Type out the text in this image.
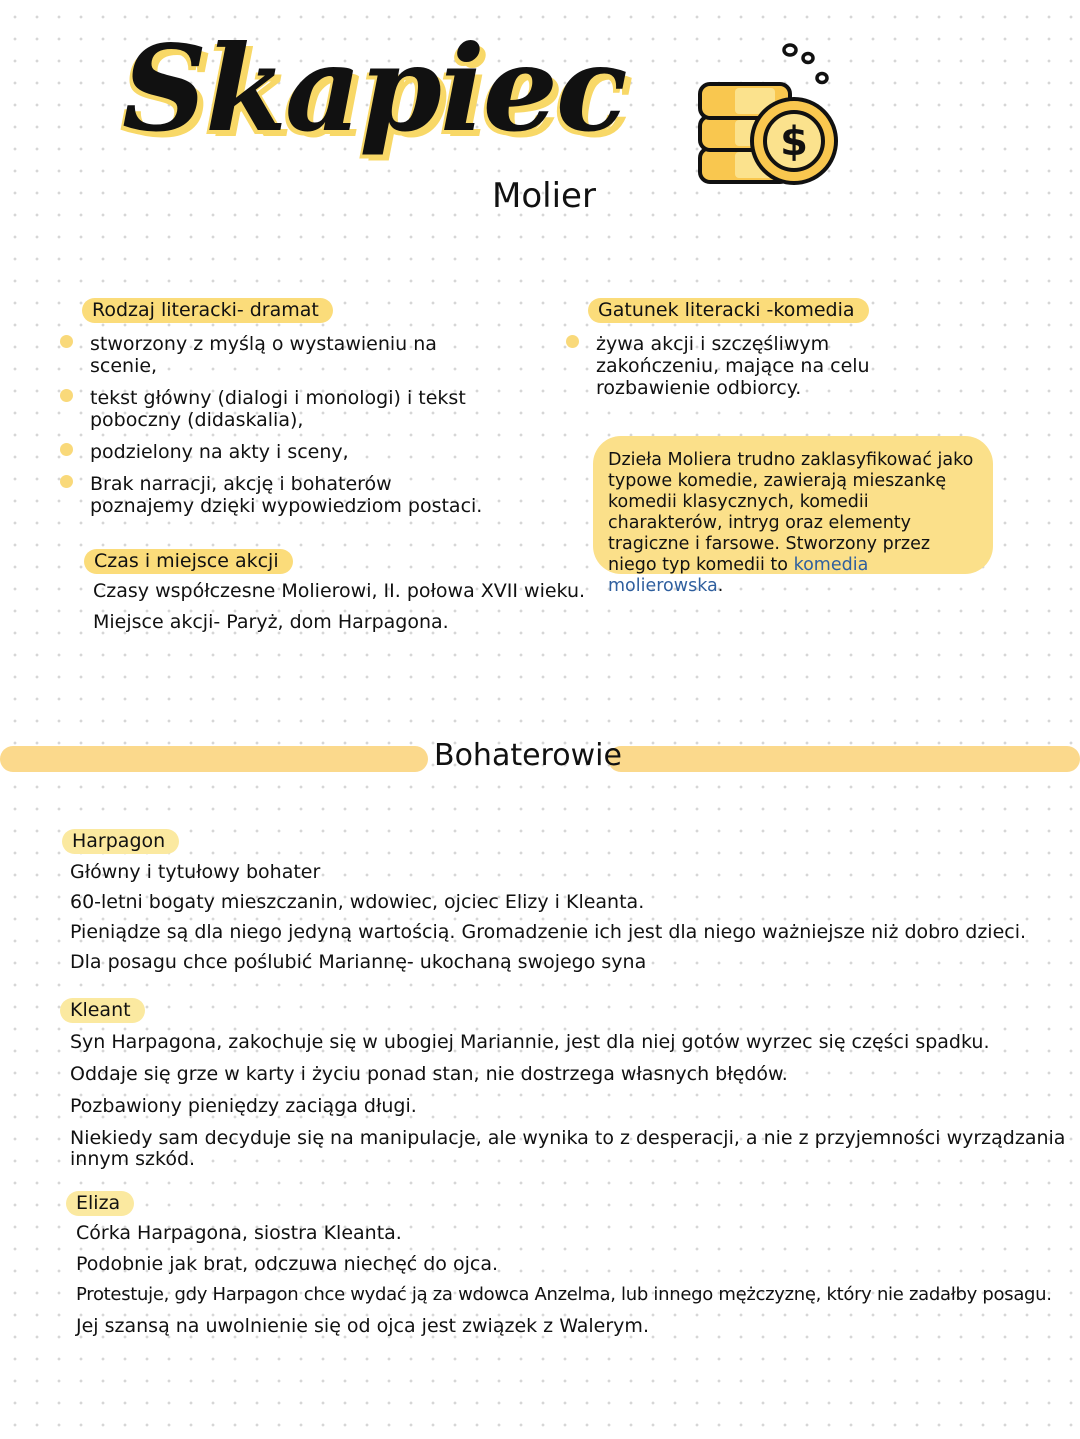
Skapiec
Molier
$
Rodzaj literacki- dramat
stworzony z myślą o wystawieniu na scenie,
tekst główny (dialogi i monologi) i tekst poboczny (didaskalia),
podzielony na akty i sceny,
Brak narracji, akcję i bohaterów poznajemy dzięki wypowiedziom postaci.
Gatunek literacki -komedia
żywa akcji i szczęśliwym zakończeniu, mające na celu rozbawienie odbiorcy.
Dzieła Moliera trudno zaklasyfikować jako typowe komedie, zawierają mieszankę komedii klasycznych, komedii charakterów, intryg oraz elementy tragiczne i farsowe. Stworzony przez niego typ komedii to komedia molierowska.
Czas i miejsce akcji
Czasy współczesne Molierowi, II. połowa XVII wieku.
Miejsce akcji- Paryż, dom Harpagona.
Bohaterowie
Harpagon
Główny i tytułowy bohater
60-letni bogaty mieszczanin, wdowiec, ojciec Elizy i Kleanta.
Pieniądze są dla niego jedyną wartością. Gromadzenie ich jest dla niego ważniejsze niż dobro dzieci.
Dla posagu chce poślubić Mariannę- ukochaną swojego syna
Kleant
Syn Harpagona, zakochuje się w ubogiej Mariannie, jest dla niej gotów wyrzec się części spadku.
Oddaje się grze w karty i życiu ponad stan, nie dostrzega własnych błędów.
Pozbawiony pieniędzy zaciąga długi.
Niekiedy sam decyduje się na manipulacje, ale wynika to z desperacji, a nie z przyjemności wyrządzania
innym szkód.
Eliza
Córka Harpagona, siostra Kleanta.
Podobnie jak brat, odczuwa niechęć do ojca.
Protestuje, gdy Harpagon chce wydać ją za wdowca Anzelma, lub innego mężczyznę, który nie zadałby posagu.
Jej szansą na uwolnienie się od ojca jest związek z Walerym.
